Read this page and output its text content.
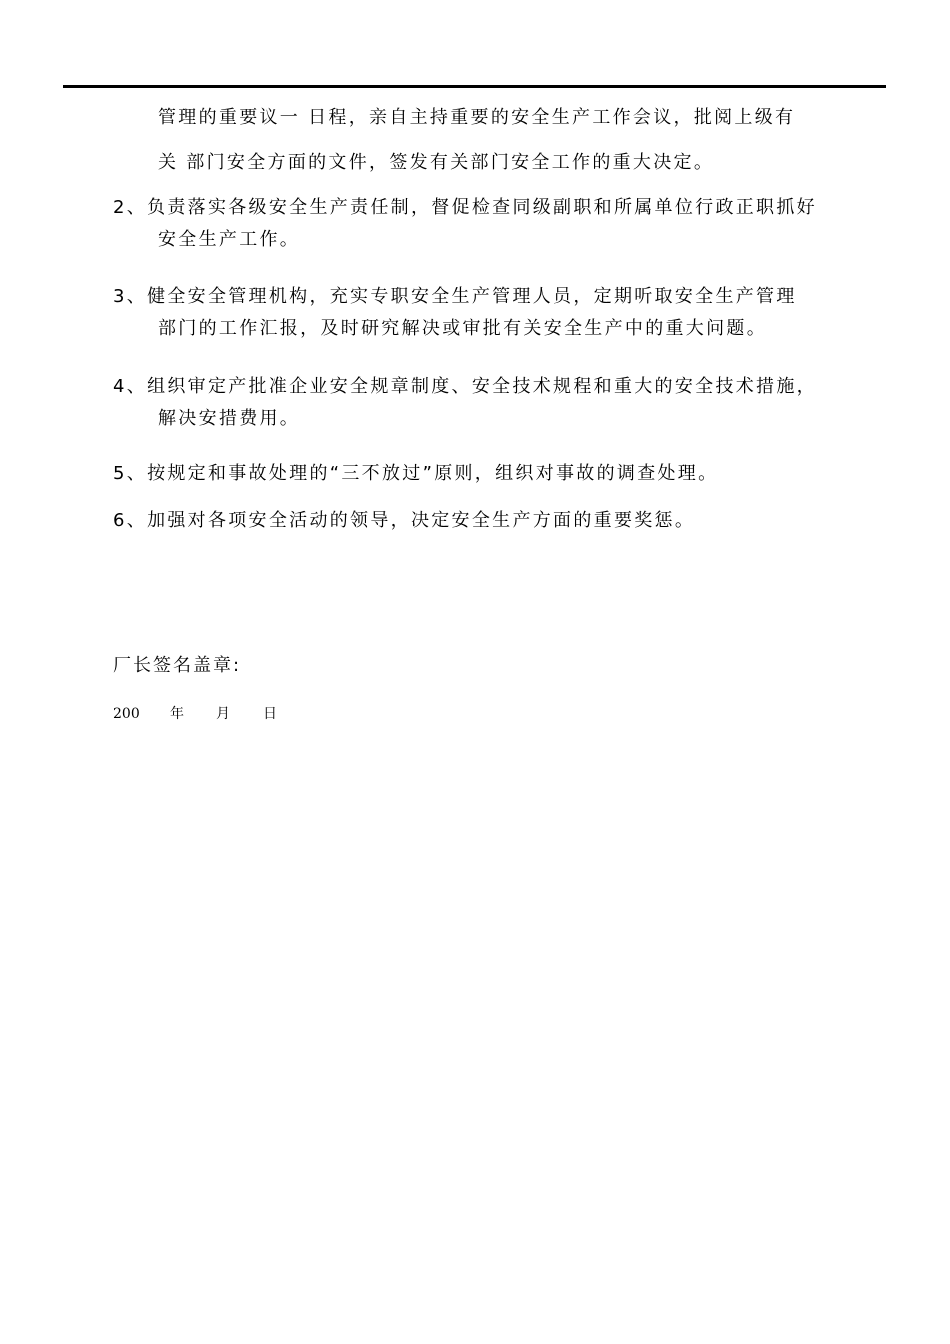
管理的重要议一 日程，亲自主持重要的安全生产工作会议，批阅上级有
关 部门安全方面的文件，签发有关部门安全工作的重大决定。
2、负责落实各级安全生产责任制，督促检查同级副职和所属单位行政正职抓好
安全生产工作。
3、健全安全管理机构，充实专职安全生产管理人员，定期听取安全生产管理
部门的工作汇报，及时研究解决或审批有关安全生产中的重大问题。
4、组织审定产批准企业安全规章制度、安全技术规程和重大的安全技术措施，
解决安措费用。
5、按规定和事故处理的“三不放过”原则，组织对事故的调查处理。
6、加强对各项安全活动的领导，决定安全生产方面的重要奖惩。
厂长签名盖章:
200 年 月 日
